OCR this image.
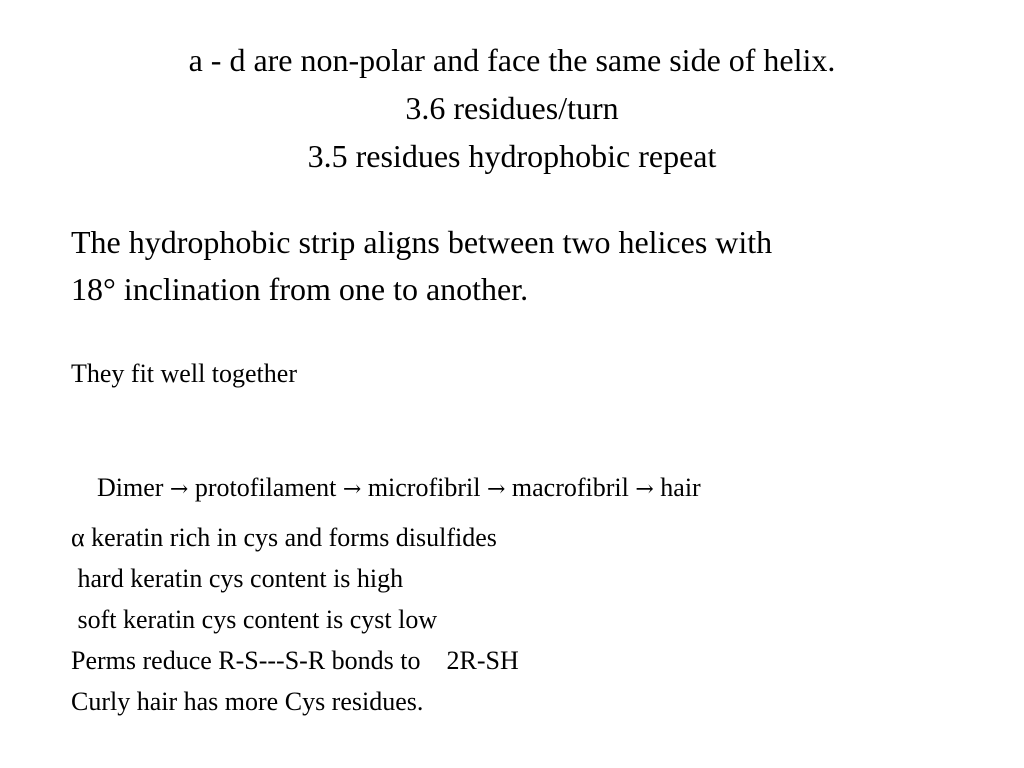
a - d are non-polar and face the same side of helix.
3.6 residues/turn
3.5 residues hydrophobic repeat
The hydrophobic strip aligns between two helices with
18° inclination from one to another.
They fit well together

Dimer → protofilament → microfibril → macrofibril → hair

α keratin rich in cys and forms disulfides
hard keratin cys content is high
soft keratin cys content is cyst low
Perms reduce R-S---S-R bonds to    2R-SH
Curly hair has more Cys residues.
